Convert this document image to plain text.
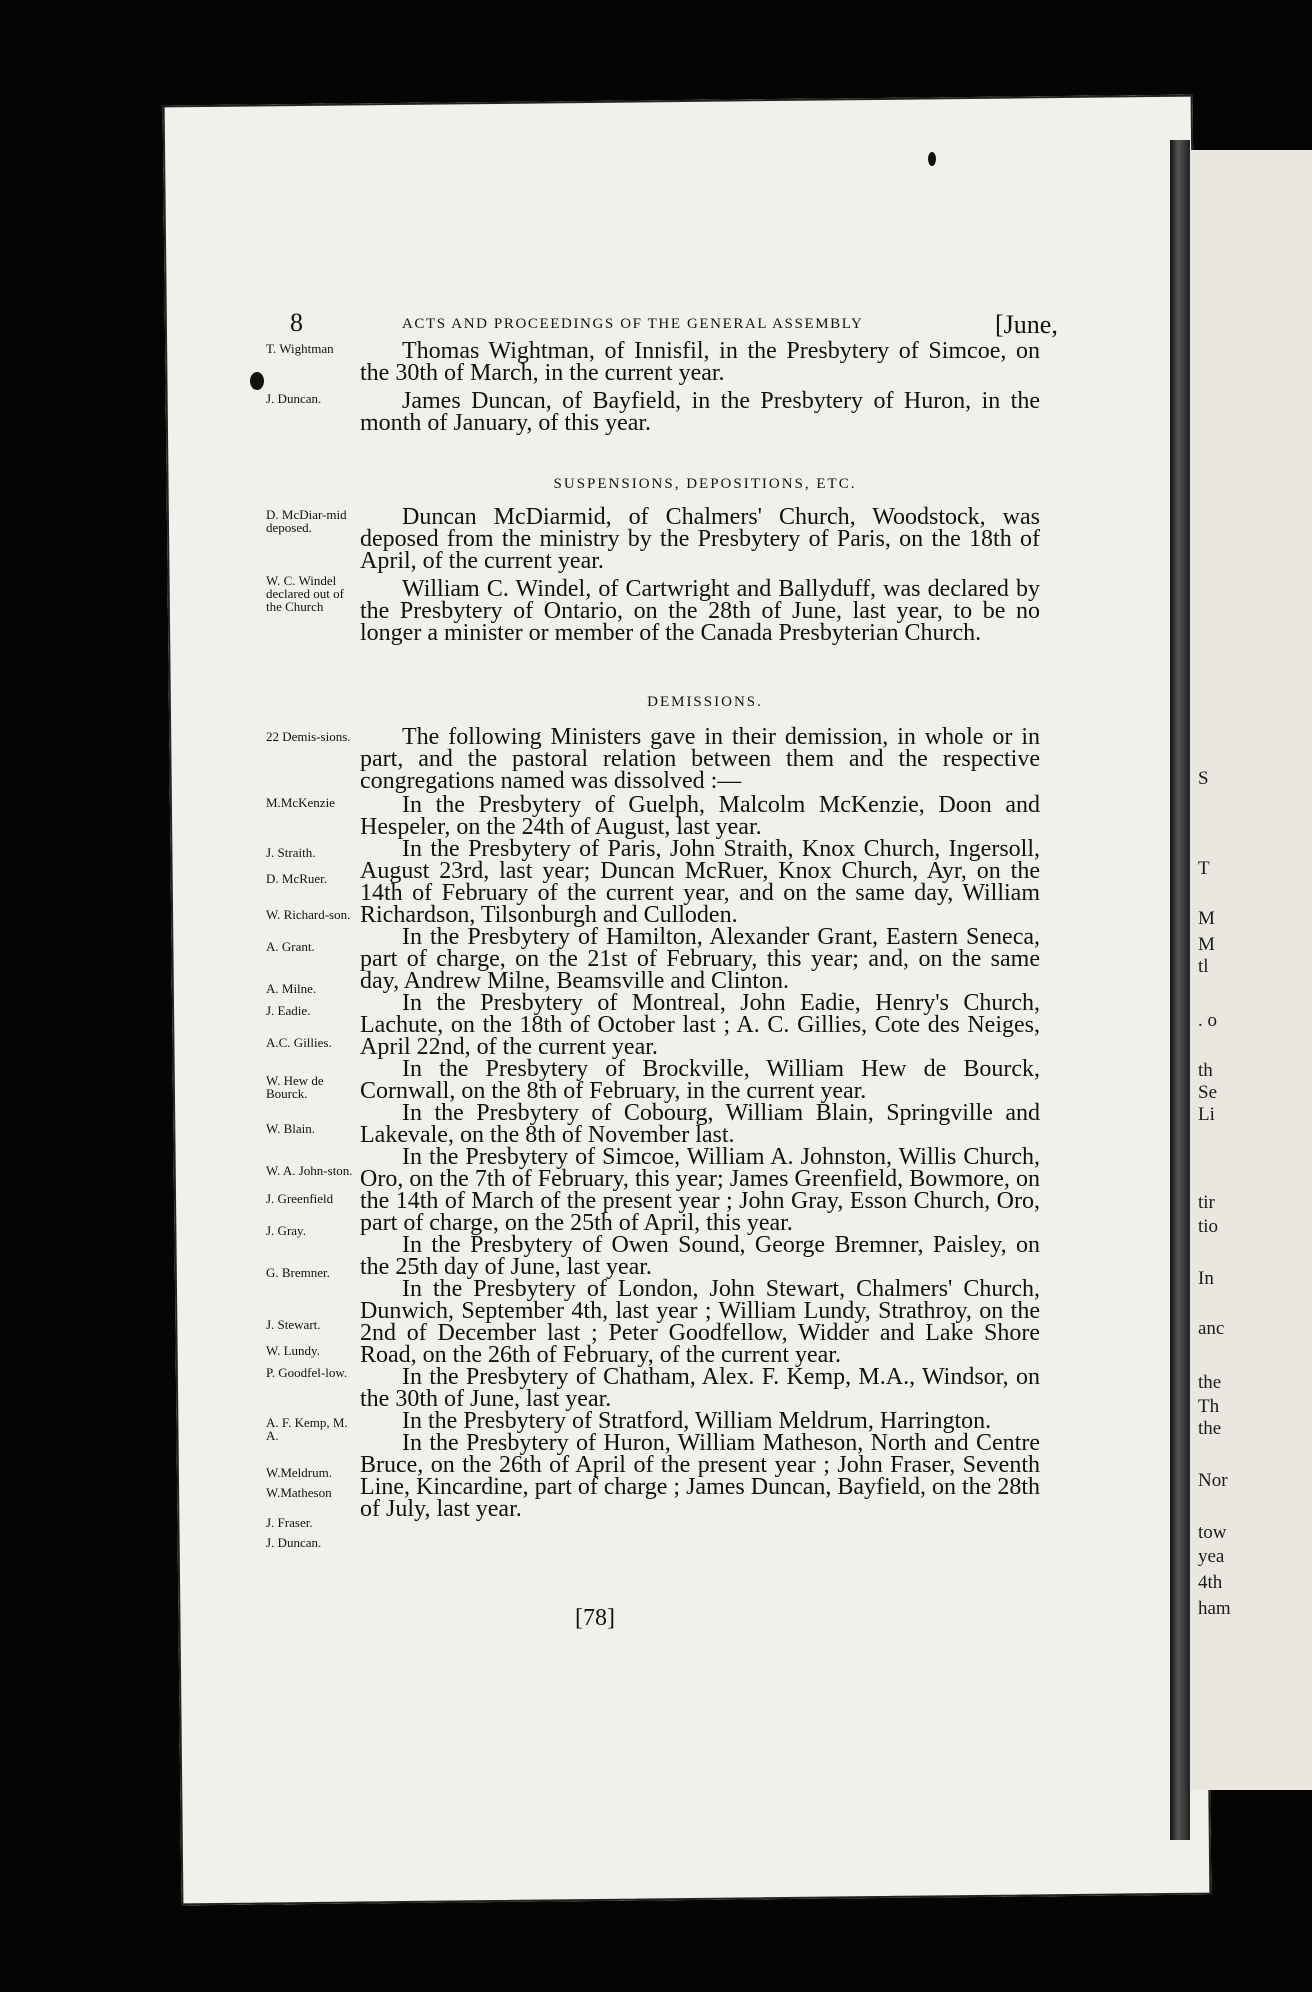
S
T
M
M
tl
. o
th
Se
Li
tir
tio
In
anc
the
Th
the
Nor
tow
yea
4th
ham
8	ACTS AND PROCEEDINGS OF THE GENERAL ASSEMBLY	[June,
Thomas Wightman, of Innisfil, in the Presbytery of Simcoe, on the 30th of March, in the current year.
James Duncan, of Bayfield, in the Presbytery of Huron, in the month of January, of this year.
T. Wightman
J. Duncan.
SUSPENSIONS, DEPOSITIONS, ETC.
Duncan McDiarmid, of Chalmers' Church, Woodstock, was deposed from the ministry by the Presbytery of Paris, on the 18th of April, of the current year.
William C. Windel, of Cartwright and Ballyduff, was declared by the Presbytery of Ontario, on the 28th of June, last year, to be no longer a minister or member of the Canada Presbyterian Church.
D. McDiar-mid deposed.
W. C. Windel declared out of the Church
DEMISSIONS.
The following Ministers gave in their demission, in whole or in part, and the pastoral relation between them and the respective congregations named was dissolved :—
In the Presbytery of Guelph, Malcolm McKenzie, Doon and Hespeler, on the 24th of August, last year.
In the Presbytery of Paris, John Straith, Knox Church, Ingersoll, August 23rd, last year; Duncan McRuer, Knox Church, Ayr, on the 14th of February of the current year, and on the same day, William Richardson, Tilsonburgh and Culloden.
In the Presbytery of Hamilton, Alexander Grant, Eastern Seneca, part of charge, on the 21st of February, this year; and, on the same day, Andrew Milne, Beamsville and Clinton.
In the Presbytery of Montreal, John Eadie, Henry's Church, Lachute, on the 18th of October last ; A. C. Gillies, Cote des Neiges, April 22nd, of the current year.
In the Presbytery of Brockville, William Hew de Bourck, Cornwall, on the 8th of February, in the current year.
In the Presbytery of Cobourg, William Blain, Springville and Lakevale, on the 8th of November last.
In the Presbytery of Simcoe, William A. Johnston, Willis Church, Oro, on the 7th of February, this year; James Greenfield, Bowmore, on the 14th of March of the present year ; John Gray, Esson Church, Oro, part of charge, on the 25th of April, this year.
In the Presbytery of Owen Sound, George Bremner, Paisley, on the 25th day of June, last year.
In the Presbytery of London, John Stewart, Chalmers' Church, Dunwich, September 4th, last year ; William Lundy, Strathroy, on the 2nd of December last ; Peter Goodfellow, Widder and Lake Shore Road, on the 26th of February, of the current year.
In the Presbytery of Chatham, Alex. F. Kemp, M.A., Windsor, on the 30th of June, last year.
In the Presbytery of Stratford, William Meldrum, Harrington.
In the Presbytery of Huron, William Matheson, North and Centre Bruce, on the 26th of April of the present year ; John Fraser, Seventh Line, Kincardine, part of charge ; James Duncan, Bayfield, on the 28th of July, last year.
22 Demis-sions.
M.McKenzie
J. Straith.
D. McRuer.
W. Richard-son.
A. Grant.
A. Milne.
J. Eadie.
A.C. Gillies.
W. Hew de Bourck.
W. Blain.
W. A. John-ston.
J. Greenfield
J. Gray.
G. Bremner.
J. Stewart.
W. Lundy.
P. Goodfel-low.
A. F. Kemp, M. A.
W.Meldrum.
W.Matheson
J. Fraser.
J. Duncan.
[78]
